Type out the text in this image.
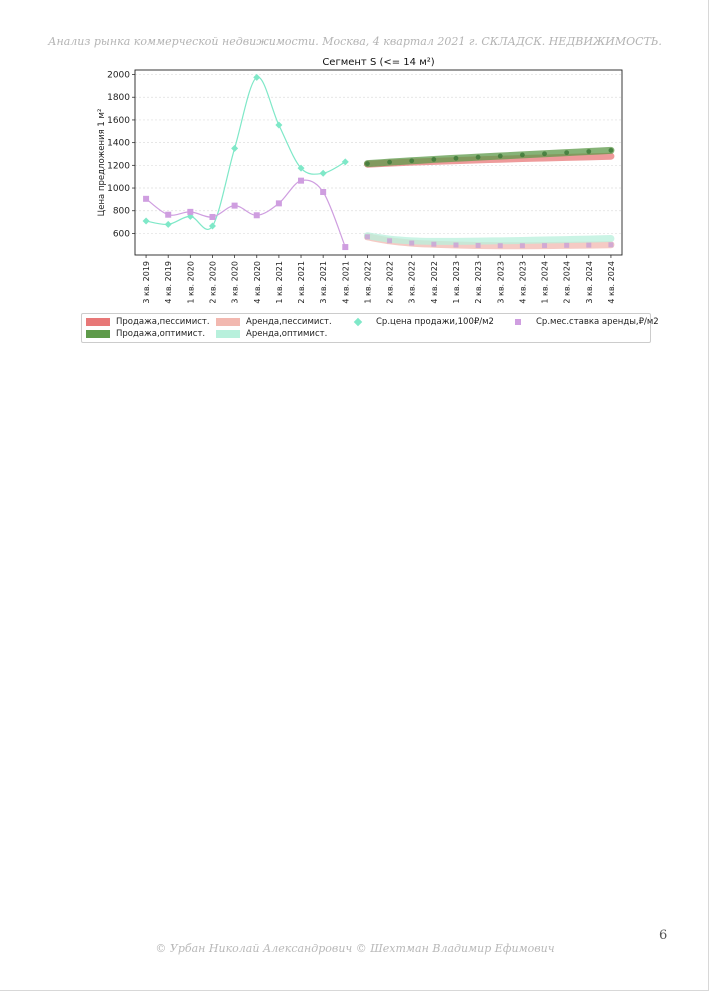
Анализ рынка коммерческой недвижимости. Москва, 4 квартал 2021 г. СКЛАДСК. НЕДВИЖИМОСТЬ.
Сегмент S (<= 14 м²)
600
800
1000
1200
1400
1600
1800
2000
3 кв. 2019 4 кв. 2019 1 кв. 2020 2 кв. 2020 3 кв. 2020 4 кв. 2020 1 кв. 2021 2 кв. 2021 3 кв. 2021 4 кв. 2021 1 кв. 2022 2 кв. 2022 3 кв. 2022 4 кв. 2022 1 кв. 2023 2 кв. 2023 3 кв. 2023 4 кв. 2023 1 кв. 2024 2 кв. 2024 3 кв. 2024 4 кв. 2024
Цена предложения 1 м²
Продажа,пессимист.	Аренда,пессимист.	Ср.цена продажи,100₽/м2	Ср.мес.ставка аренды,₽/м2
Продажа,оптимист.	Аренда,оптимист.
6
© Урбан Николай Александрович © Шехтман Владимир Ефимович
